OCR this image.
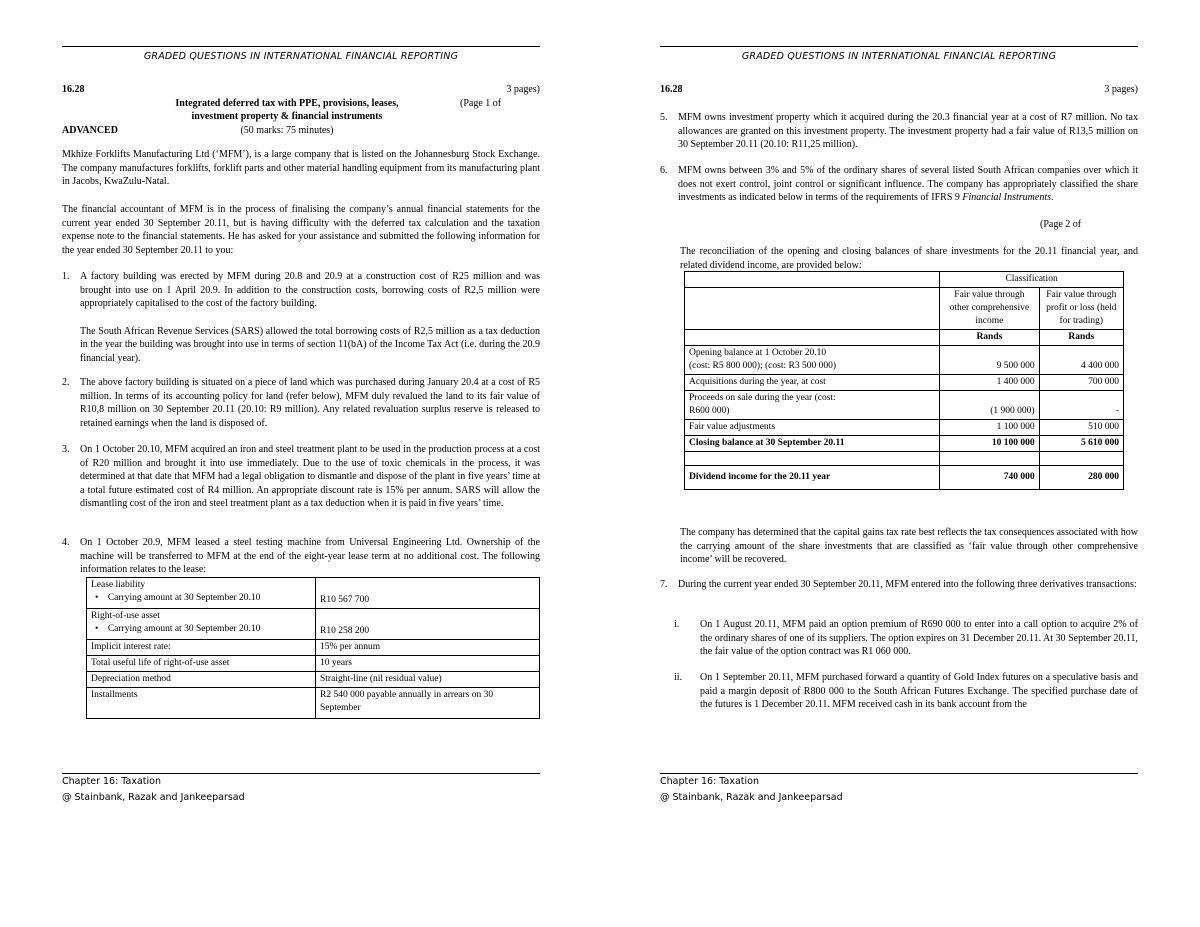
GRADED QUESTIONS IN INTERNATIONAL FINANCIAL REPORTING
16.28	3 pages)
Integrated deferred tax with PPE, provisions, leases,	(Page 1 of
investment property & financial instruments
ADVANCED	(50 marks: 75 minutes)
Mkhize Forklifts Manufacturing Ltd (‘MFM’), is a large company that is listed on the Johannesburg Stock Exchange. The company manufactures forklifts, forklift parts and other material handling equipment from its manufacturing plant in Jacobs, KwaZulu-Natal.
The financial accountant of MFM is in the process of finalising the company’s annual financial statements for the current year ended 30 September 20.11, but is having difficulty with the deferred tax calculation and the taxation expense note to the financial statements. He has asked for your assistance and submitted the following information for the year ended 30 September 20.11 to you:
1. A factory building was erected by MFM during 20.8 and 20.9 at a construction cost of R25 million and was brought into use on 1 April 20.9. In addition to the construction costs, borrowing costs of R2,5 million were appropriately capitalised to the cost of the factory building.
The South African Revenue Services (SARS) allowed the total borrowing costs of R2,5 million as a tax deduction in the year the building was brought into use in terms of section 11(bA) of the Income Tax Act (i.e. during the 20.9 financial year).
2. The above factory building is situated on a piece of land which was purchased during January 20.4 at a cost of R5 million. In terms of its accounting policy for land (refer below), MFM duly revalued the land to its fair value of R10,8 million on 30 September 20.11 (20.10: R9 million). Any related revaluation surplus reserve is released to retained earnings when the land is disposed of.
3. On 1 October 20.10, MFM acquired an iron and steel treatment plant to be used in the production process at a cost of R20 million and brought it into use immediately. Due to the use of toxic chemicals in the process, it was determined at that date that MFM had a legal obligation to dismantle and dispose of the plant in five years’ time at a total future estimated cost of R4 million. An appropriate discount rate is 15% per annum. SARS will allow the dismantling cost of the iron and steel treatment plant as a tax deduction when it is paid in five years’ time.
4. On 1 October 20.9, MFM leased a steel testing machine from Universal Engineering Ltd. Ownership of the machine will be transferred to MFM at the end of the eight-year lease term at no additional cost. The following information relates to the lease:
Lease liability
•    Carrying amount at 30 September 20.10	R10 567 700

Right-of-use asset
•    Carrying amount at 30 September 20.10	R10 258 200
Implicit interest rate:	15% per annum
Total useful life of right-of-use asset	10 years
Depreciation method	Straight-line (nil residual value)
Installments	R2 540 000 payable annually in arrears on 30 September
Chapter 16: Taxation
@ Stainbank, Razak and Jankeeparsad
GRADED QUESTIONS IN INTERNATIONAL FINANCIAL REPORTING
16.28	3 pages)
5. MFM owns investment property which it acquired during the 20.3 financial year at a cost of R7 million. No tax allowances are granted on this investment property. The investment property had a fair value of R13,5 million on 30 September 20.11 (20.10: R11,25 million).
6. MFM owns between 3% and 5% of the ordinary shares of several listed South African companies over which it does not exert control, joint control or significant influence. The company has appropriately classified the share investments as indicated below in terms of the requirements of IFRS 9 Financial Instruments.
(Page 2 of
The reconciliation of the opening and closing balances of share investments for the 20.11 financial year, and related dividend income, are provided below:
	Classification	
	Fair value through other comprehensive income	Fair value through profit or loss (held for trading)
	Rands	Rands

Opening balance at 1 October 20.10
(cost: R5 800 000); (cost: R3 500 000)	9 500 000	4 400 000
Acquisitions during the year, at cost	1 400 000	700 000

Proceeds on sale during the year (cost:
R600 000)	(1 900 000)	-
Fair value adjustments	1 100 000	510 000
Closing balance at 30 September 20.11	10 100 000	5 610 000

Dividend income for the 20.11 year	740 000	280 000
The company has determined that the capital gains tax rate best reflects the tax consequences associated with how the carrying amount of the share investments that are classified as ‘fair value through other comprehensive income’ will be recovered.
7. During the current year ended 30 September 20.11, MFM entered into the following three derivatives transactions:
i. On 1 August 20.11, MFM paid an option premium of R690 000 to enter into a call option to acquire 2% of the ordinary shares of one of its suppliers. The option expires on 31 December 20.11. At 30 September 20.11, the fair value of the option contract was R1 060 000.
ii. On 1 September 20.11, MFM purchased forward a quantity of Gold Index futures on a speculative basis and paid a margin deposit of R800 000 to the South African Futures Exchange. The specified purchase date of the futures is 1 December 20.11. MFM received cash in its bank account from the
Chapter 16: Taxation
@ Stainbank, Razak and Jankeeparsad
